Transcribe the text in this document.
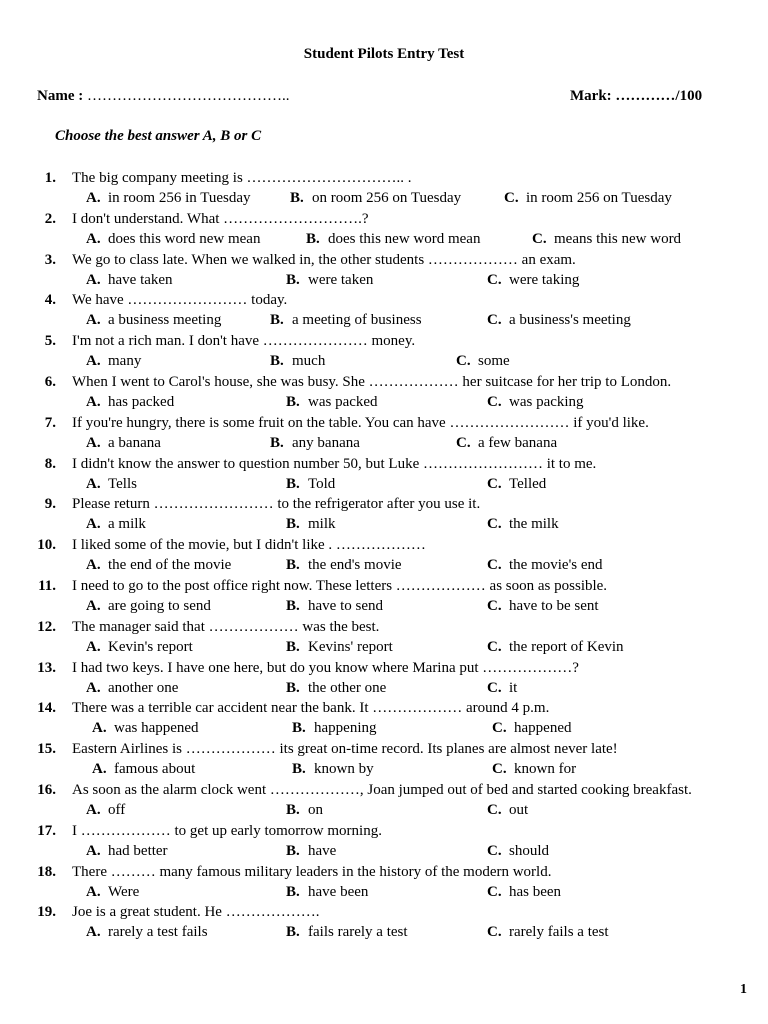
Student Pilots Entry Test
Name : …………………………………..	Mark: …………/100
Choose the best answer A, B or C
1. The big company meeting is ………………………….. .
A. in room 256 in Tuesday	B. on room 256 on Tuesday	C. in room 256 on Tuesday
2. I don't understand. What ……………………….?
A. does this word new mean	B. does this new word mean	C. means this new word
3. We go to class late. When we walked in, the other students ……………… an exam.
A. have taken	B. were taken	C. were taking
4. We have …………………… today.
A. a business meeting	B. a meeting of business	C. a business's meeting
5. I'm not a rich man. I don't have ………………… money.
A. many	B. much	C. some
6. When I went to Carol's house, she was busy. She ……………… her suitcase for her trip to London.
A. has packed	B. was packed	C. was packing
7. If you're hungry, there is some fruit on the table. You can have …………………… if you'd like.
A. a banana	B. any banana	C. a few banana
8. I didn't know the answer to question number 50, but Luke …………………… it to me.
A. Tells	B. Told	C. Telled
9. Please return …………………… to the refrigerator after you use it.
A. a milk	B. milk	C. the milk
10. I liked some of the movie, but I didn't like . ………………
A. the end of the movie	B. the end's movie	C. the movie's end
11. I need to go to the post office right now. These letters ……………… as soon as possible.
A. are going to send	B. have to send	C. have to be sent
12. The manager said that ……………… was the best.
A. Kevin's report	B. Kevins' report	C. the report of Kevin
13. I had two keys. I have one here, but do you know where Marina put ………………?
A. another one	B. the other one	C. it
14. There was a terrible car accident near the bank. It ……………… around 4 p.m.
A. was happened	B. happening	C. happened
15. Eastern Airlines is ……………… its great on-time record. Its planes are almost never late!
A. famous about	B. known by	C. known for
16. As soon as the alarm clock went ………………, Joan jumped out of bed and started cooking breakfast.
A. off	B. on	C. out
17. I ……………… to get up early tomorrow morning.
A. had better	B. have	C. should
18. There ……… many famous military leaders in the history of the modern world.
A. Were	B. have been	C. has been
19. Joe is a great student. He ……………….
A. rarely a test fails	B. fails rarely a test	C. rarely fails a test
1
